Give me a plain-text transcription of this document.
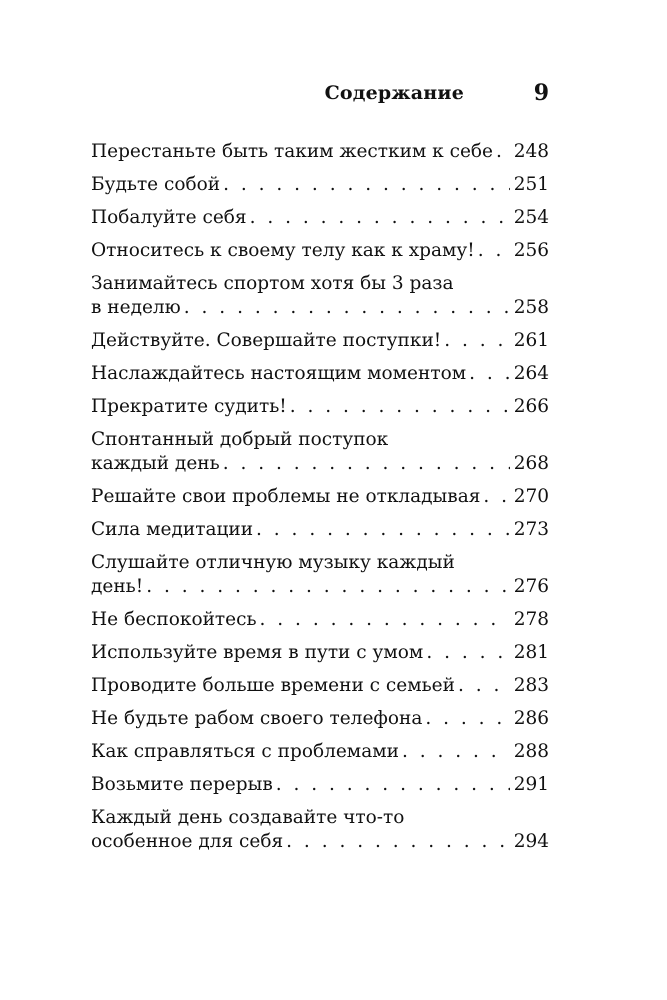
Содержание	9
Перестаньте быть таким жестким к себе . . . 248
Будьте собой . . .	251
Побалуйте себя . . .	254
Относитесь к своему телу как к храму! . . . 256
Занимайтесь спортом хотя бы 3 раза
в неделю . . .	258
Действуйте. Совершайте поступки! . . .	261
Наслаждайтесь настоящим моментом . . .	264
Прекратите судить! . . .	266
Спонтанный добрый поступок
каждый день . . .	268
Решайте свои проблемы не откладывая . . . 270
Сила медитации . . .	273
Слушайте отличную музыку каждый
день! . . .	276
Не беспокойтесь . . .	278
Используйте время в пути с умом . . .	281
Проводите больше времени с семьей . . .	283
Не будьте рабом своего телефона . . .	286
Как справляться с проблемами . . .	288
Возьмите перерыв . . .	291
Каждый день создавайте что-то
особенное для себя . . .	294
